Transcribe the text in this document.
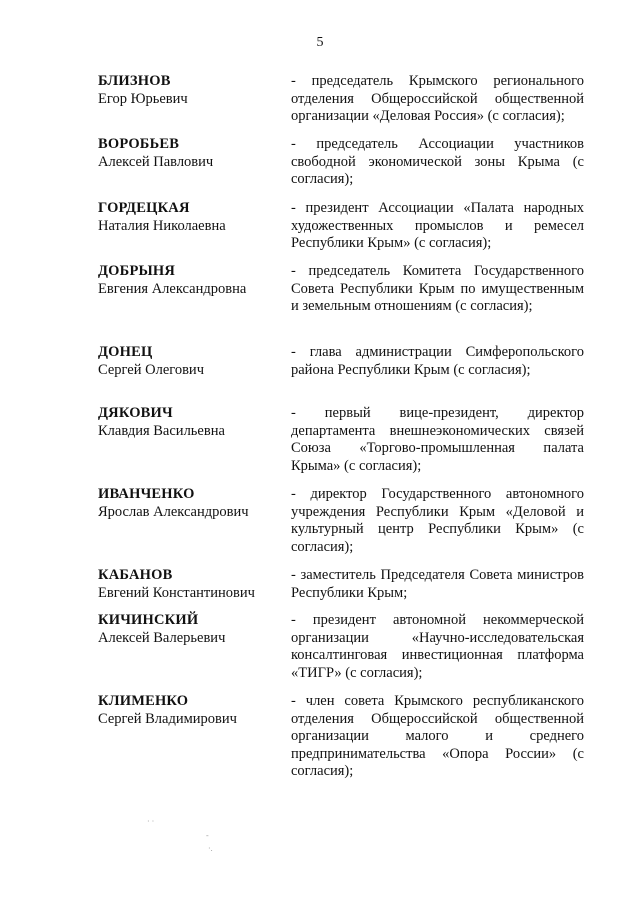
5
БЛИЗНОВ
Егор Юрьевич
- председатель Крымского регионального отделения Общероссийской общественной организации «Деловая Россия» (с согласия);
ВОРОБЬЕВ
Алексей Павлович
- председатель Ассоциации участников свободной экономической зоны Крыма (с согласия);
ГОРДЕЦКАЯ
Наталия Николаевна
- президент Ассоциации «Палата народных художественных промыслов и ремесел Республики Крым» (с согласия);
ДОБРЫНЯ
Евгения Александровна
- председатель Комитета Государственного Совета Республики Крым по имущественным и земельным отношениям (с согласия);
ДОНЕЦ
Сергей Олегович
- глава администрации Симферопольского района Республики Крым (с согласия);
ДЯКОВИЧ
Клавдия Васильевна
- первый вице-президент, директор департамента внешнеэкономических связей Союза «Торгово-промышленная палата Крыма» (с согласия);
ИВАНЧЕНКО
Ярослав Александрович
- директор Государственного автономного учреждения Республики Крым «Деловой и культурный центр Республики Крым» (с согласия);
КАБАНОВ
Евгений Константинович
- заместитель Председателя Совета министров Республики Крым;
КИЧИНСКИЙ
Алексей Валерьевич
- президент автономной некоммерческой организации «Научно-исследовательская консалтинговая инвестиционная платформа «ТИГР» (с согласия);
КЛИМЕНКО
Сергей Владимирович
- член совета Крымского республиканского отделения Общероссийской общественной организации малого и среднего предпринимательства «Опора России» (с согласия);
· ·
-
·.
